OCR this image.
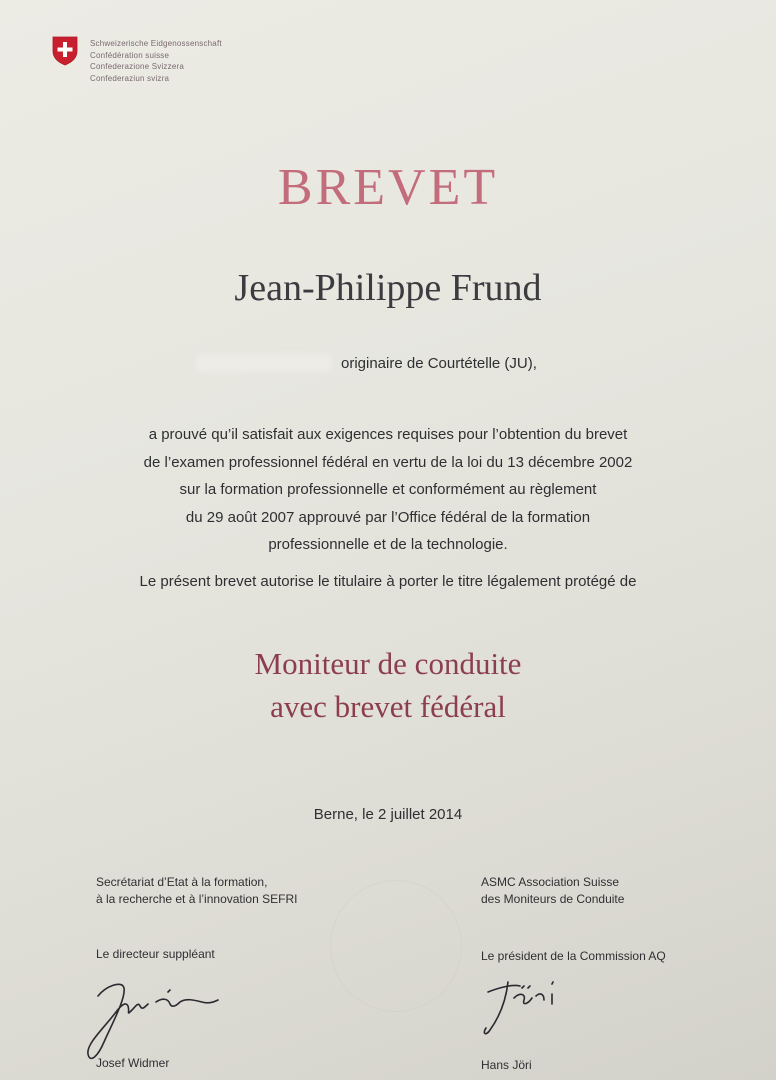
Schweizerische Eidgenossenschaft
Confédération suisse
Confederazione Svizzera
Confederaziun svizra
BREVET
Jean-Philippe Frund
originaire de Courtételle (JU),
a prouvé qu’il satisfait aux exigences requises pour l’obtention du brevet
de l’examen professionnel fédéral en vertu de la loi du 13 décembre 2002
sur la formation professionnelle et conformément au règlement
du 29 août 2007 approuvé par l’Office fédéral de la formation
professionnelle et de la technologie.
Le présent brevet autorise le titulaire à porter le titre légalement protégé de
Moniteur de conduite
avec brevet fédéral
Berne, le 2 juillet 2014
Secrétariat d’Etat à la formation,
à la recherche et à l’innovation SEFRI
ASMC Association Suisse
des Moniteurs de Conduite
Le directeur suppléant	Le président de la Commission AQ
Josef Widmer	Hans Jöri
